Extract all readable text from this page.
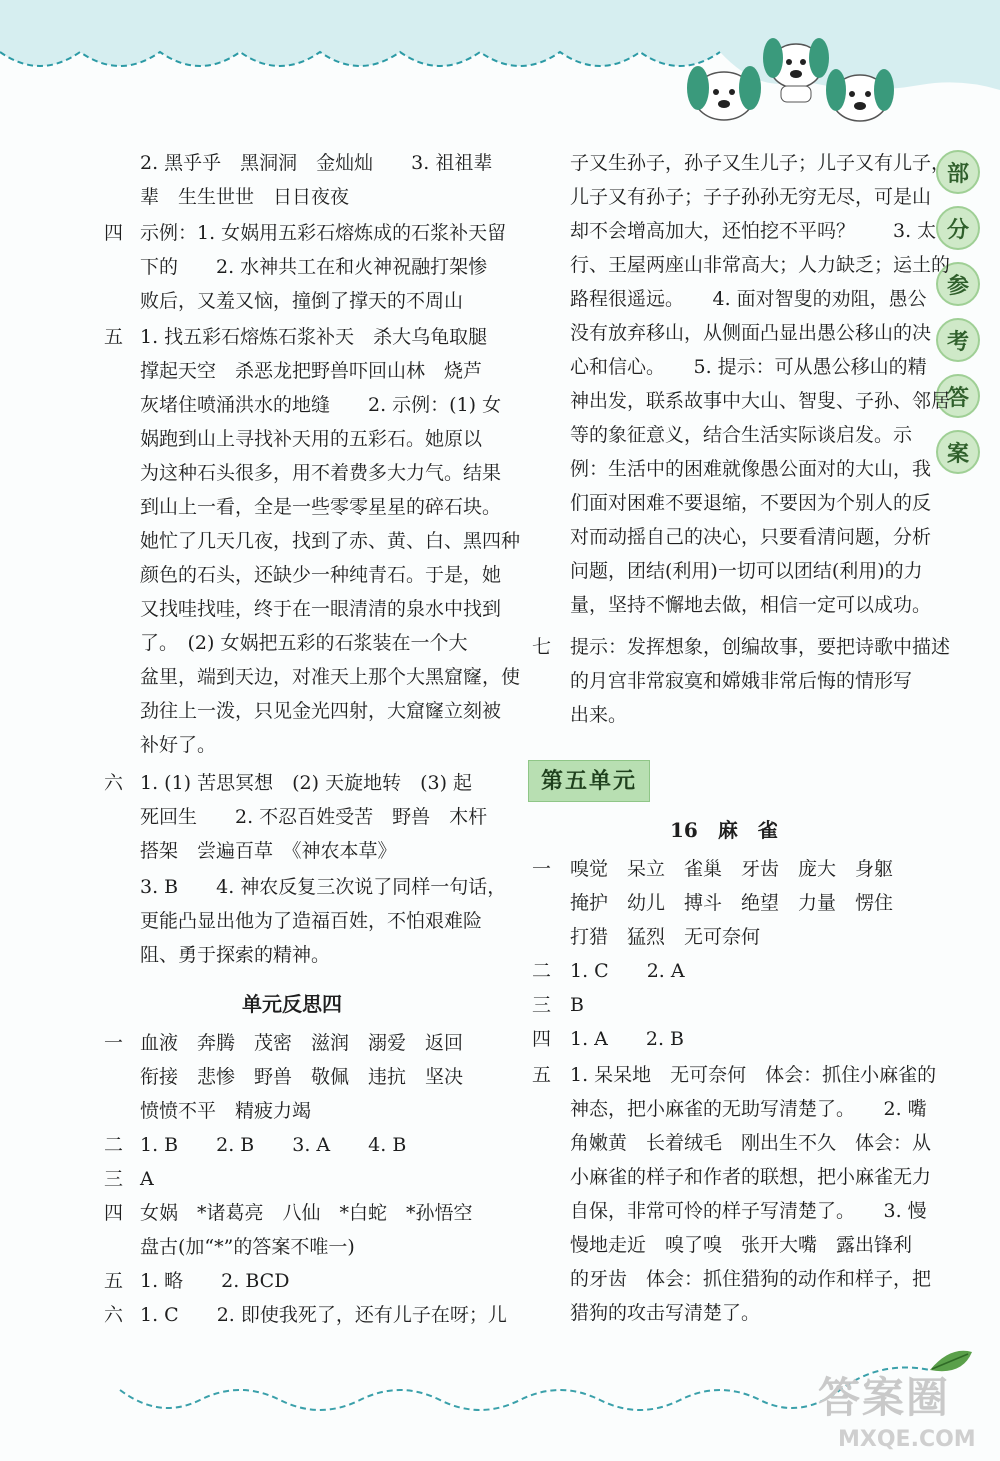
部
分
参
考
答
案
2. 黑乎乎　黑洞洞　金灿灿　　3. 祖祖辈
辈　生生世世　日日夜夜
四 示例：1. 女娲用五彩石熔炼成的石浆补天留
下的　　2. 水神共工在和火神祝融打架惨
败后，又羞又恼，撞倒了撑天的不周山
五 1. 找五彩石熔炼石浆补天　杀大乌龟取腿
撑起天空　杀恶龙把野兽吓回山林　烧芦
灰堵住喷涌洪水的地缝　　2. 示例：(1) 女
娲跑到山上寻找补天用的五彩石。她原以
为这种石头很多，用不着费多大力气。结果
到山上一看，全是一些零零星星的碎石块。
她忙了几天几夜，找到了赤、黄、白、黑四种
颜色的石头，还缺少一种纯青石。于是，她
又找哇找哇，终于在一眼清清的泉水中找到
了。　(2) 女娲把五彩的石浆装在一个大
盆里，端到天边，对准天上那个大黑窟窿，使
劲往上一泼，只见金光四射，大窟窿立刻被
补好了。
六 1. (1) 苦思冥想　(2) 天旋地转　(3) 起
死回生　　2. 不忍百姓受苦　野兽　木杆
搭架　尝遍百草　《神农本草》
3. B　　4. 神农反复三次说了同样一句话，
更能凸显出他为了造福百姓，不怕艰难险
阻、勇于探索的精神。
单元反思四
一 血液　奔腾　茂密　滋润　溺爱　返回
衔接　悲惨　野兽　敬佩　违抗　坚决
愤愤不平　精疲力竭
二 1. B　　2. B　　3. A　　4. B
三 A
四 女娲　*诸葛亮　八仙　*白蛇　*孙悟空
盘古(加“*”的答案不唯一)
五 1. 略　　2. BCD
六 1. C　　2. 即使我死了，还有儿子在呀；儿
子又生孙子，孙子又生儿子；儿子又有儿子，
儿子又有孙子；子子孙孙无穷无尽，可是山
却不会增高加大，还怕挖不平吗？　　3. 太
行、王屋两座山非常高大；人力缺乏；运土的
路程很遥远。　　4. 面对智叟的劝阻，愚公
没有放弃移山，从侧面凸显出愚公移山的决
心和信心。　　5. 提示：可从愚公移山的精
神出发，联系故事中大山、智叟、子孙、邻居
等的象征意义，结合生活实际谈启发。示
例：生活中的困难就像愚公面对的大山，我
们面对困难不要退缩，不要因为个别人的反
对而动摇自己的决心，只要看清问题，分析
问题，团结(利用)一切可以团结(利用)的力
量，坚持不懈地去做，相信一定可以成功。
七 提示：发挥想象，创编故事，要把诗歌中描述
的月宫非常寂寞和嫦娥非常后悔的情形写
出来。
16　麻　雀
一 嗅觉　呆立　雀巢　牙齿　庞大　身躯
掩护　幼儿　搏斗　绝望　力量　愣住
打猎　猛烈　无可奈何
二 1. C　　2. A
三 B
四 1. A　　2. B
五 1. 呆呆地　无可奈何　体会：抓住小麻雀的
神态，把小麻雀的无助写清楚了。　　2. 嘴
角嫩黄　长着绒毛　刚出生不久　体会：从
小麻雀的样子和作者的联想，把小麻雀无力
自保，非常可怜的样子写清楚了。　　3. 慢
慢地走近　嗅了嗅　张开大嘴　露出锋利
的牙齿　体会：抓住猎狗的动作和样子，把
猎狗的攻击写清楚了。
第五单元
答案圈
MXQE.COM
